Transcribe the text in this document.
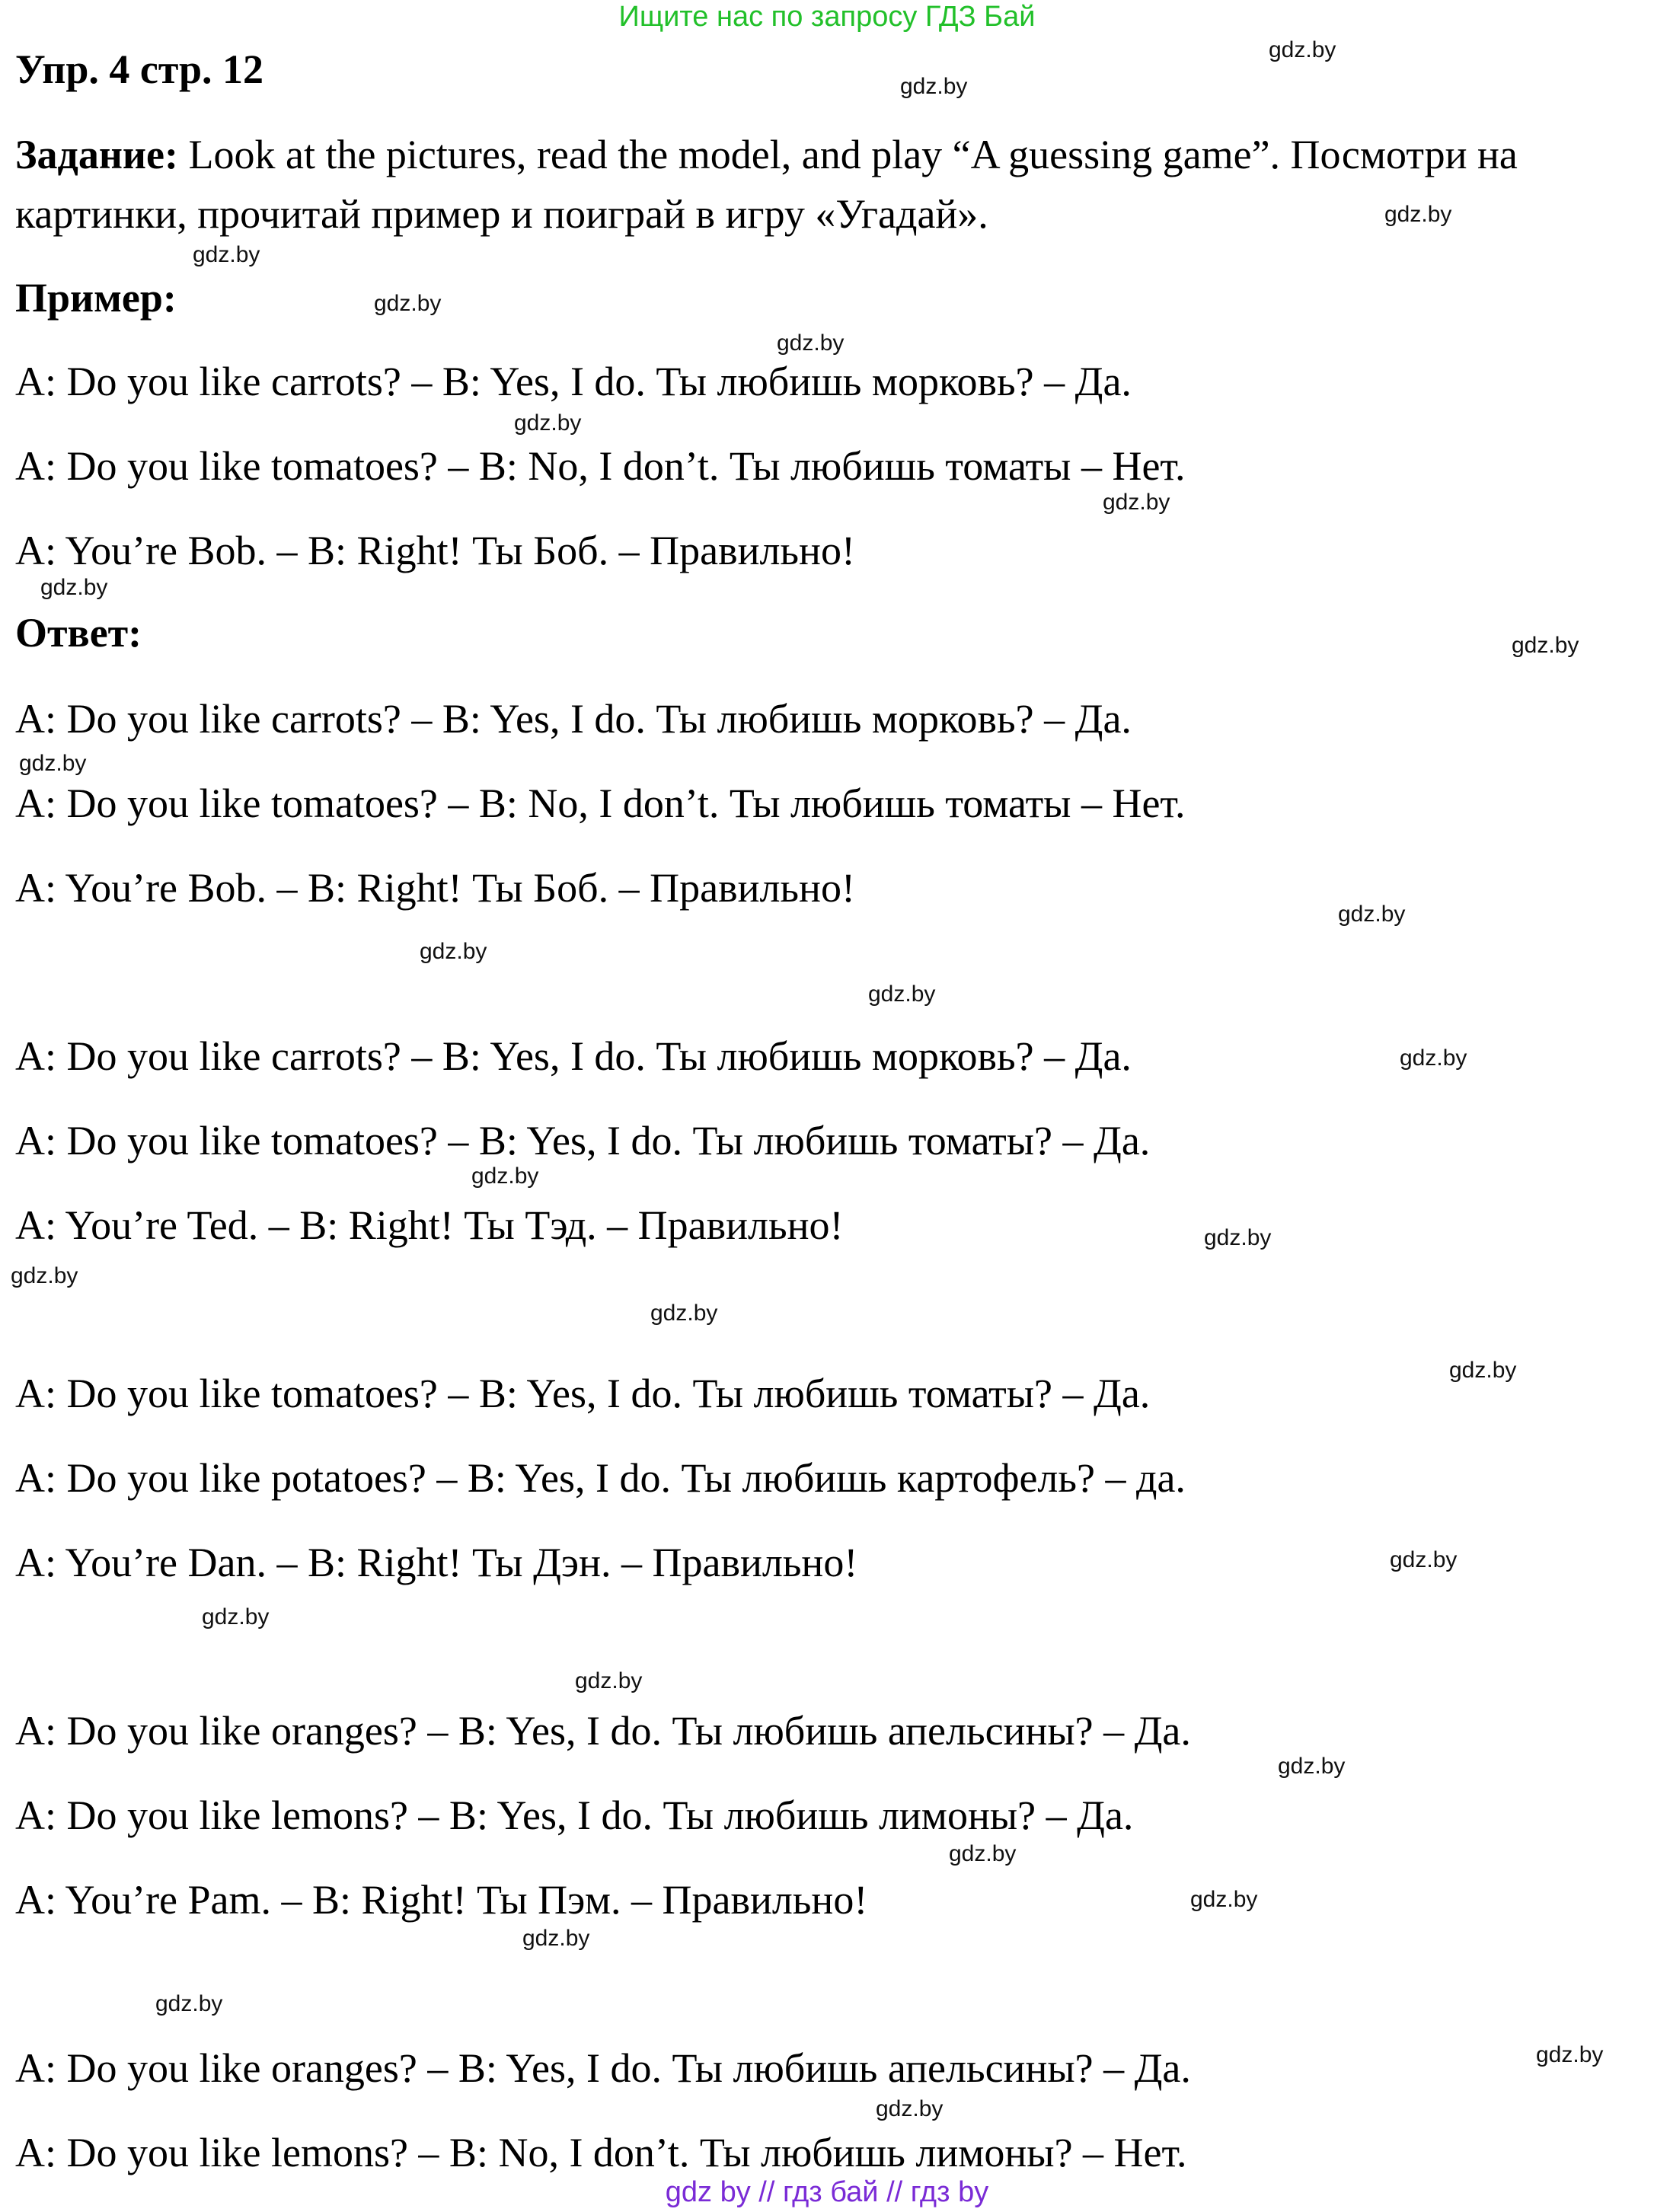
Ищите нас по запросу ГДЗ Бай
Упр. 4 стр. 12
Задание: Look at the pictures, read the model, and play “A guessing game”. Посмотри на картинки, прочитай пример и поиграй в игру «Угадай».
Пример:
A: Do you like carrots? – B: Yes, I do. Ты любишь морковь? – Да.
A: Do you like tomatoes? – B: No, I don’t. Ты любишь томаты – Нет.
A: You’re Bob. – B: Right! Ты Боб. – Правильно!
Ответ:
A: Do you like carrots? – B: Yes, I do. Ты любишь морковь? – Да.
A: Do you like tomatoes? – B: No, I don’t. Ты любишь томаты – Нет.
A: You’re Bob. – B: Right! Ты Боб. – Правильно!
A: Do you like carrots? – B: Yes, I do. Ты любишь морковь? – Да.
A: Do you like tomatoes? – B: Yes, I do. Ты любишь томаты? – Да.
A: You’re Ted. – B: Right! Ты Тэд. – Правильно!
A: Do you like tomatoes? – B: Yes, I do. Ты любишь томаты? – Да.
A: Do you like potatoes? – B: Yes, I do. Ты любишь картофель? – да.
A: You’re Dan. – B: Right! Ты Дэн. – Правильно!
A: Do you like oranges? – B: Yes, I do. Ты любишь апельсины? – Да.
A: Do you like lemons? – B: Yes, I do. Ты любишь лимоны? – Да.
A: You’re Pam. – B: Right! Ты Пэм. – Правильно!
A: Do you like oranges? – B: Yes, I do. Ты любишь апельсины? – Да.
A: Do you like lemons? – B: No, I don’t. Ты любишь лимоны? – Нет.
gdz.by
gdz.by
gdz.by
gdz.by
gdz.by
gdz.by
gdz.by
gdz.by
gdz.by
gdz.by
gdz.by
gdz.by
gdz.by
gdz.by
gdz.by
gdz.by
gdz.by
gdz.by
gdz.by
gdz.by
gdz.by
gdz.by
gdz.by
gdz.by
gdz.by
gdz.by
gdz.by
gdz.by
gdz.by
gdz.by
gdz by // гдз бай // гдз by
